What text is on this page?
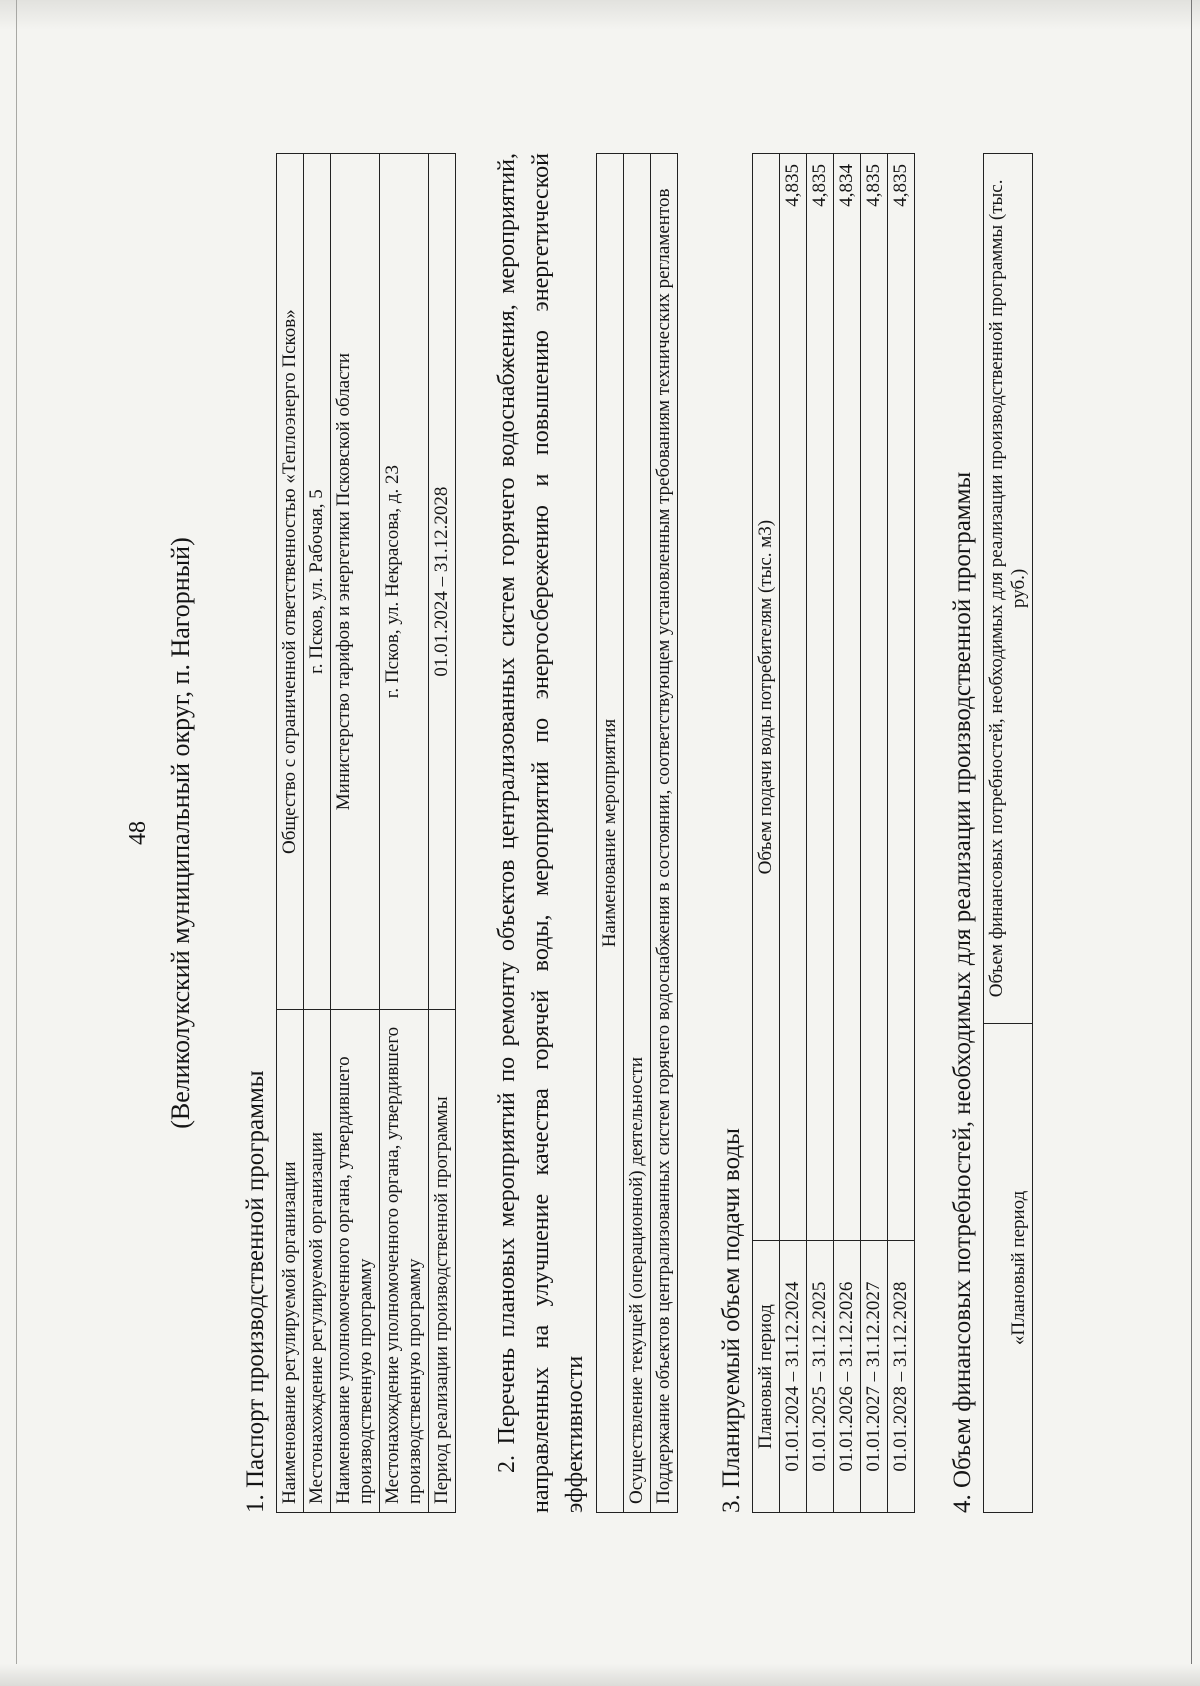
48 (Великолукский муниципальный округ, п. Нагорный)
1. Паспорт производственной программы Наименование регулируемой организации	Общество с ограниченной ответственностью «Теплоэнерго Псков»
Местонахождение регулируемой организации	г. Псков, ул. Рабочая, 5
Наименование уполномоченного органа, утвердившего производственную программу	Министерство тарифов и энергетики Псковской области
Местонахождение уполномоченного органа, утвердившего производственную программу	г. Псков, ул. Некрасова, д. 23
Период реализации производственной программы	01.01.2024 – 31.12.2028 2. Перечень плановых мероприятий по ремонту объектов централизованных систем горячего водоснабжения, мероприятий, направленных на улучшение качества горячей воды, мероприятий по энергосбережению и повышению энергетической эффективности
Наименование мероприятия
Осуществление текущей (операционной) деятельности
Поддержание объектов централизованных систем горячего водоснабжения в состоянии, соответствующем установленным требованиям технических регламентов 3. Планируемый объем подачи воды Плановый период	Объем подачи воды потребителям (тыс. м3)
01.01.2024 – 31.12.2024	4,835
01.01.2025 – 31.12.2025	4,835
01.01.2026 – 31.12.2026	4,834
01.01.2027 – 31.12.2027	4,835
01.01.2028 – 31.12.2028	4,835
4. Объем финансовых потребностей, необходимых для реализации производственной программы «Плановый период	Объем финансовых потребностей, необходимых для реализации производственной программы (тыс. руб.)
